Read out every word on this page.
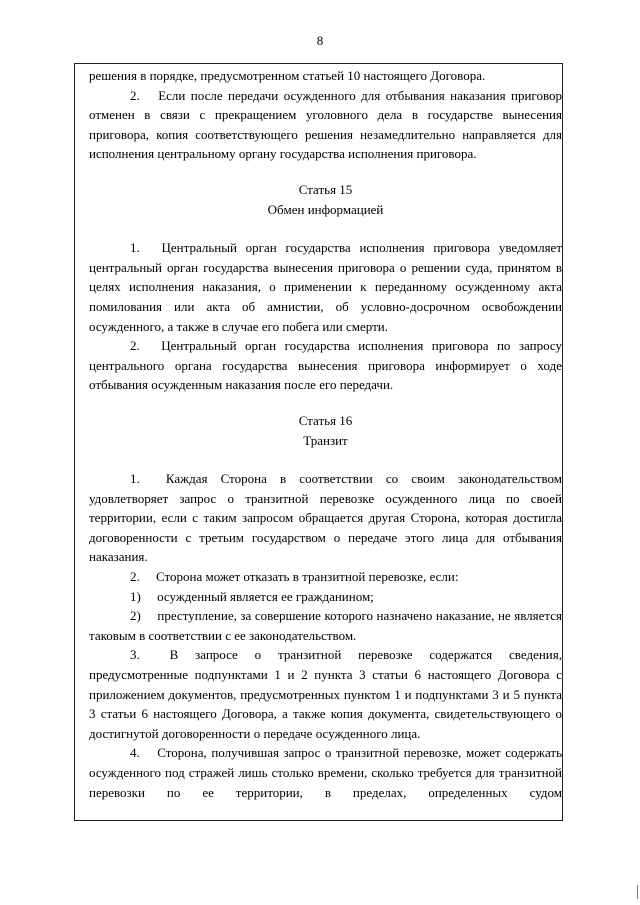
8

решения в порядке, предусмотренном статьей 10 настоящего Договора.

2.  Если после передачи осужденного для отбывания наказания приговор отменен в связи с прекращением уголовного дела в государстве вынесения приговора, копия соответствующего решения незамедлительно направляется для исполнения центральному органу государства исполнения приговора.

Статья 15

Обмен информацией

1.  Центральный орган государства исполнения приговора уведомляет центральный орган государства вынесения приговора о решении суда, принятом в целях исполнения наказания, о применении к переданному осужденному акта помилования или акта об амнистии, об условно-досрочном освобождении осужденного, а также в случае его побега или смерти.

2.  Центральный орган государства исполнения приговора по запросу центрального органа государства вынесения приговора информирует о ходе отбывания осужденным наказания после его передачи.

Статья 16

Транзит

1.  Каждая Сторона в соответствии со своим законодательством удовлетворяет запрос о транзитной перевозке осужденного лица по своей территории, если с таким запросом обращается другая Сторона, которая достигла договоренности с третьим государством о передаче этого лица для отбывания наказания.

2.  Сторона может отказать в транзитной перевозке, если:

1)  осужденный является ее гражданином;

2)  преступление, за совершение которого назначено наказание, не является таковым в соответствии с ее законодательством.

3.  В запросе о транзитной перевозке содержатся сведения, предусмотренные подпунктами 1 и 2 пункта 3 статьи 6 настоящего Договора с приложением документов, предусмотренных пунктом 1 и подпунктами 3 и 5 пункта 3 статьи 6 настоящего Договора, а также копия документа, свидетельствующего о достигнутой договоренности о передаче осужденного лица.

4.  Сторона, получившая запрос о транзитной перевозке, может содержать осужденного под стражей лишь столько времени, сколько требуется для транзитной перевозки по ее территории, в пределах, определенных судом
